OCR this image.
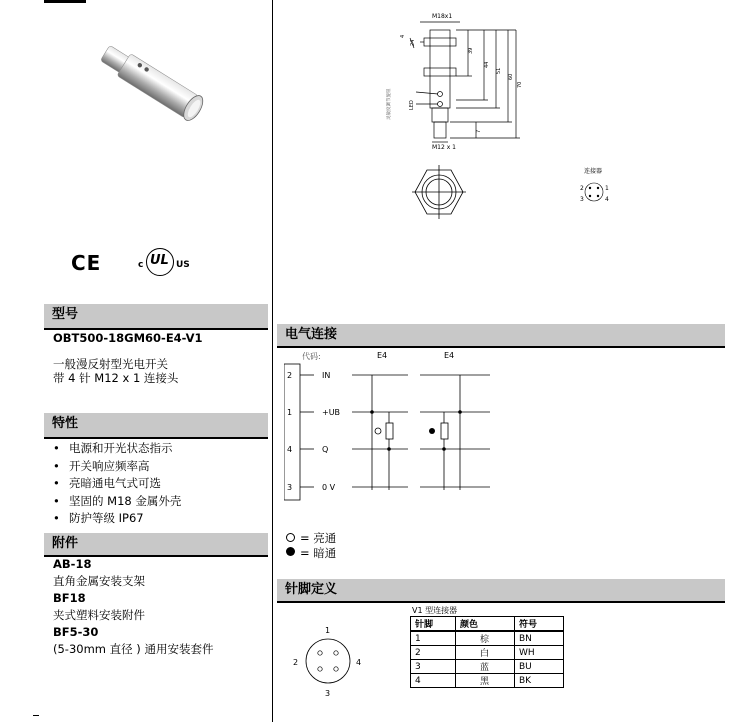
CE	c UL US
型号
OBT500-18GM60-E4-V1
一般漫反射型光电开关
带 4 针 M12 x 1 连接头
特性
• 电源和开光状态指示
• 开关响应频率高
• 亮暗通电气式可选
• 坚固的 M18 金属外壳
• 防护等级 IP67
附件
AB-18
直角金属安装支架
BF18
夹式塑料安装附件
BF5-30
(5-30mm 直径 ) 通用安装套件
M18x1
M12 x 1
LED
灵敏度调节旋钮
24
4
39
44
51
60
70
7
连接器
2	1
3	4
电气连接
代码:	E4	E4
2
1
4
3
IN
+UB
Q
0 V
= 亮通
= 暗通
针脚定义
V1 型连接器
1
2
3
4
针脚	颜色	符号
1	棕	BN
2	白	WH
3	蓝	BU
4	黑	BK
